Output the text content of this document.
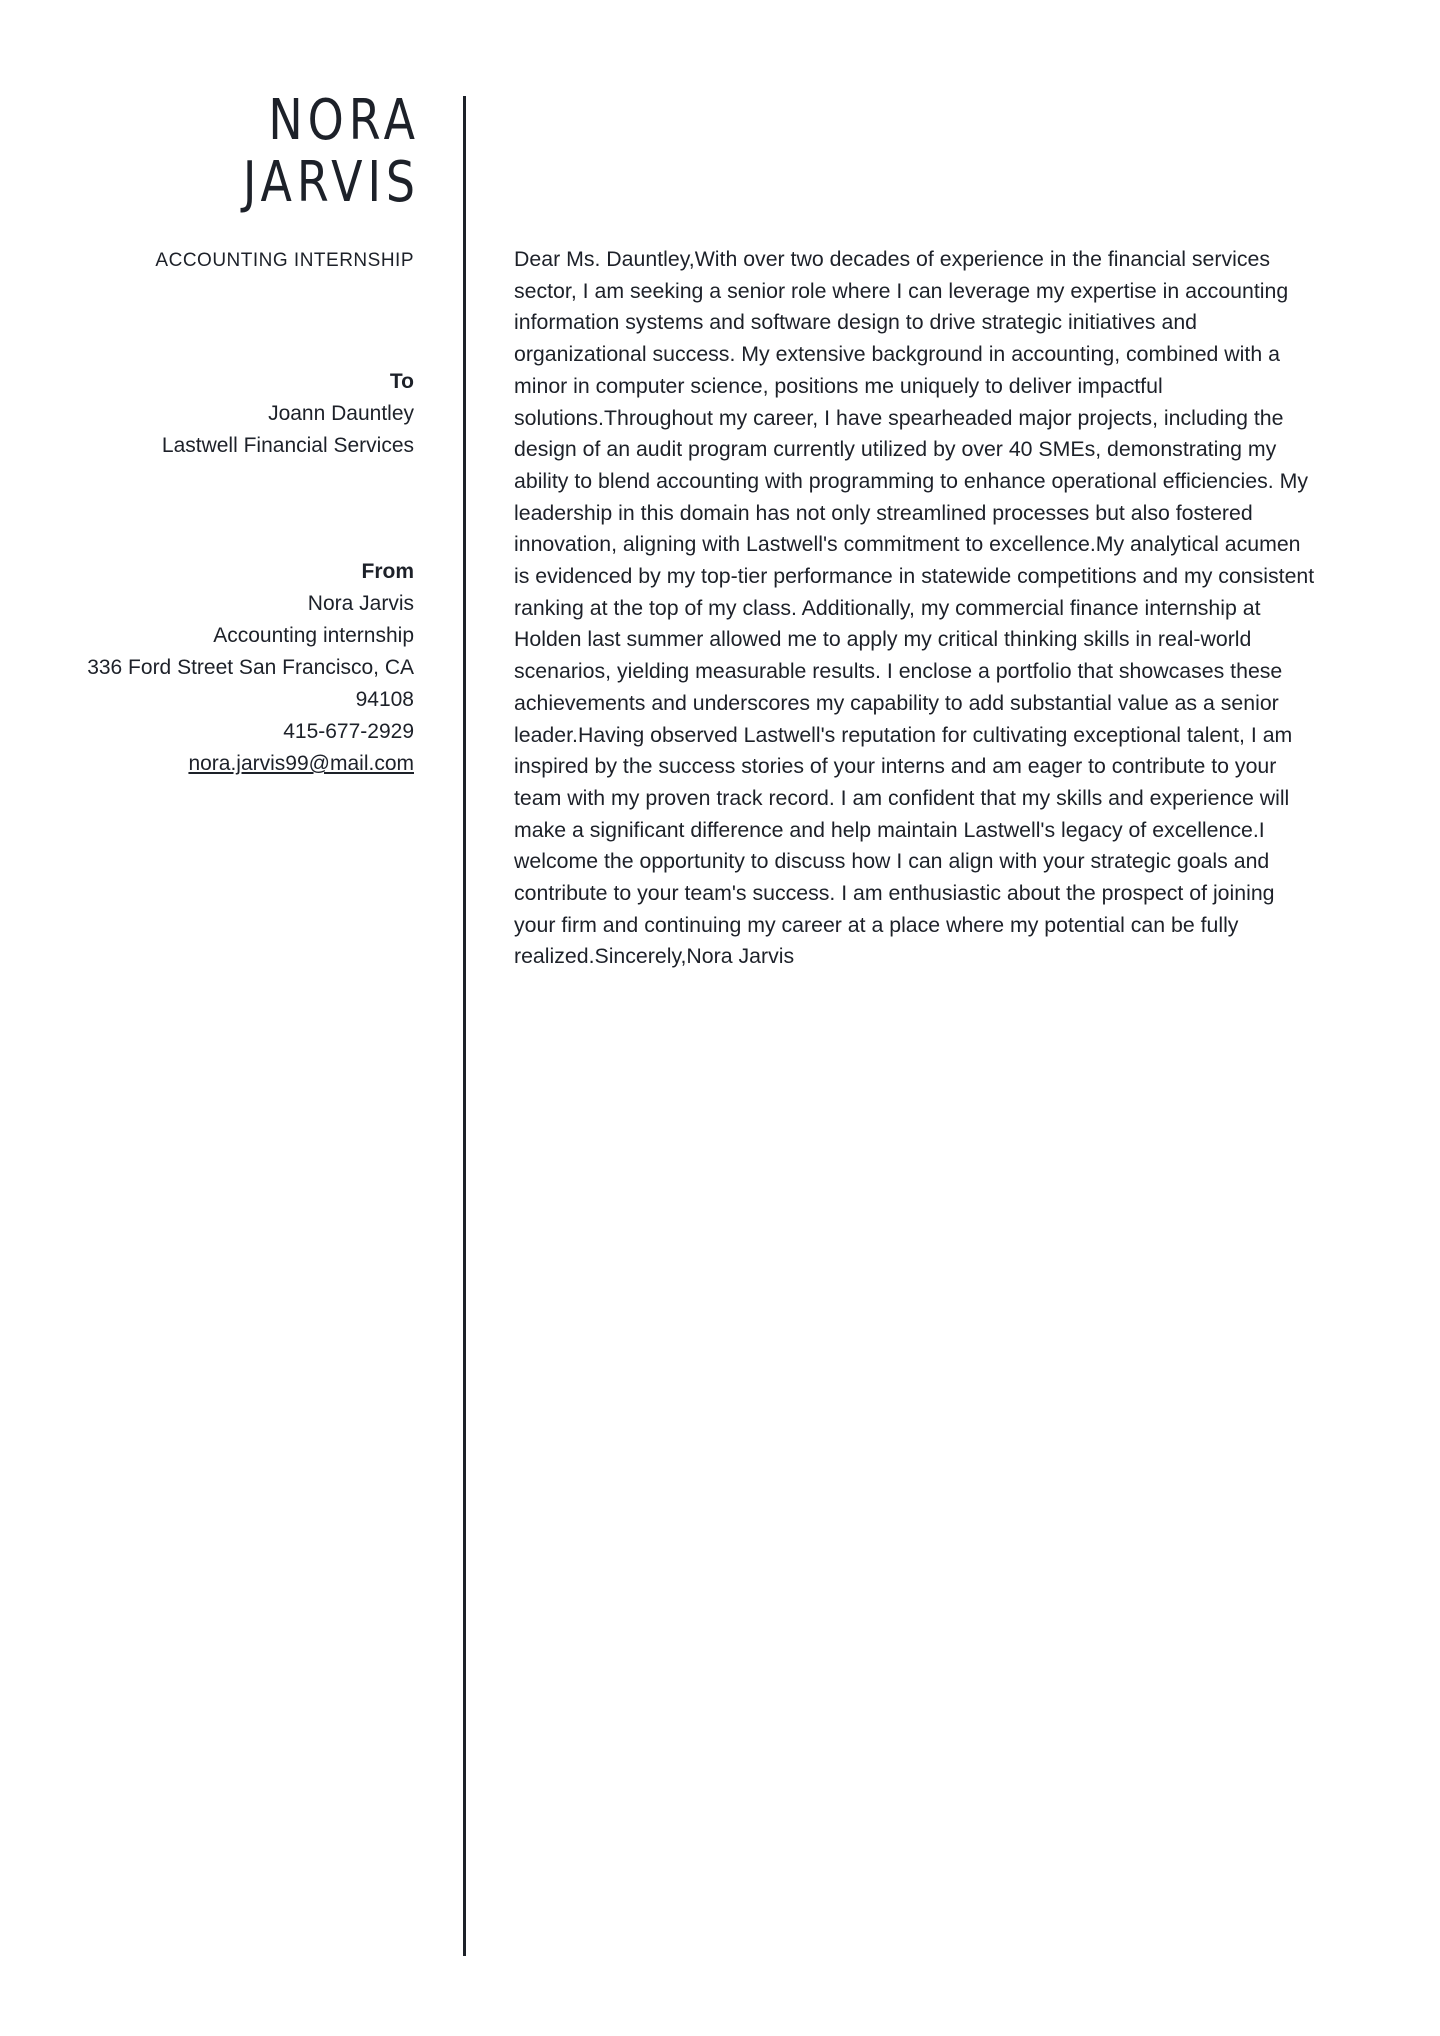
NORA
JARVIS
ACCOUNTING INTERNSHIP
To
Joann Dauntley
Lastwell Financial Services
From
Nora Jarvis
Accounting internship
336 Ford Street San Francisco, CA 94108
415-677-2929
nora.jarvis99@mail.com

Dear Ms. Dauntley,With over two decades of experience in the financial services sector, I am seeking a senior role where I can leverage my expertise in accounting information systems and software design to drive strategic initiatives and organizational success. My extensive background in accounting, combined with a minor in computer science, positions me uniquely to deliver impactful solutions.Throughout my career, I have spearheaded major projects, including the design of an audit program currently utilized by over 40 SMEs, demonstrating my ability to blend accounting with programming to enhance operational efficiencies. My leadership in this domain has not only streamlined processes but also fostered innovation, aligning with Lastwell's commitment to excellence.My analytical acumen is evidenced by my top-tier performance in statewide competitions and my consistent ranking at the top of my class. Additionally, my commercial finance internship at Holden last summer allowed me to apply my critical thinking skills in real-world scenarios, yielding measurable results. I enclose a portfolio that showcases these achievements and underscores my capability to add substantial value as a senior leader.Having observed Lastwell's reputation for cultivating exceptional talent, I am inspired by the success stories of your interns and am eager to contribute to your team with my proven track record. I am confident that my skills and experience will make a significant difference and help maintain Lastwell's legacy of excellence.I welcome the opportunity to discuss how I can align with your strategic goals and contribute to your team's success. I am enthusiastic about the prospect of joining your firm and continuing my career at a place where my potential can be fully realized.Sincerely,Nora Jarvis
